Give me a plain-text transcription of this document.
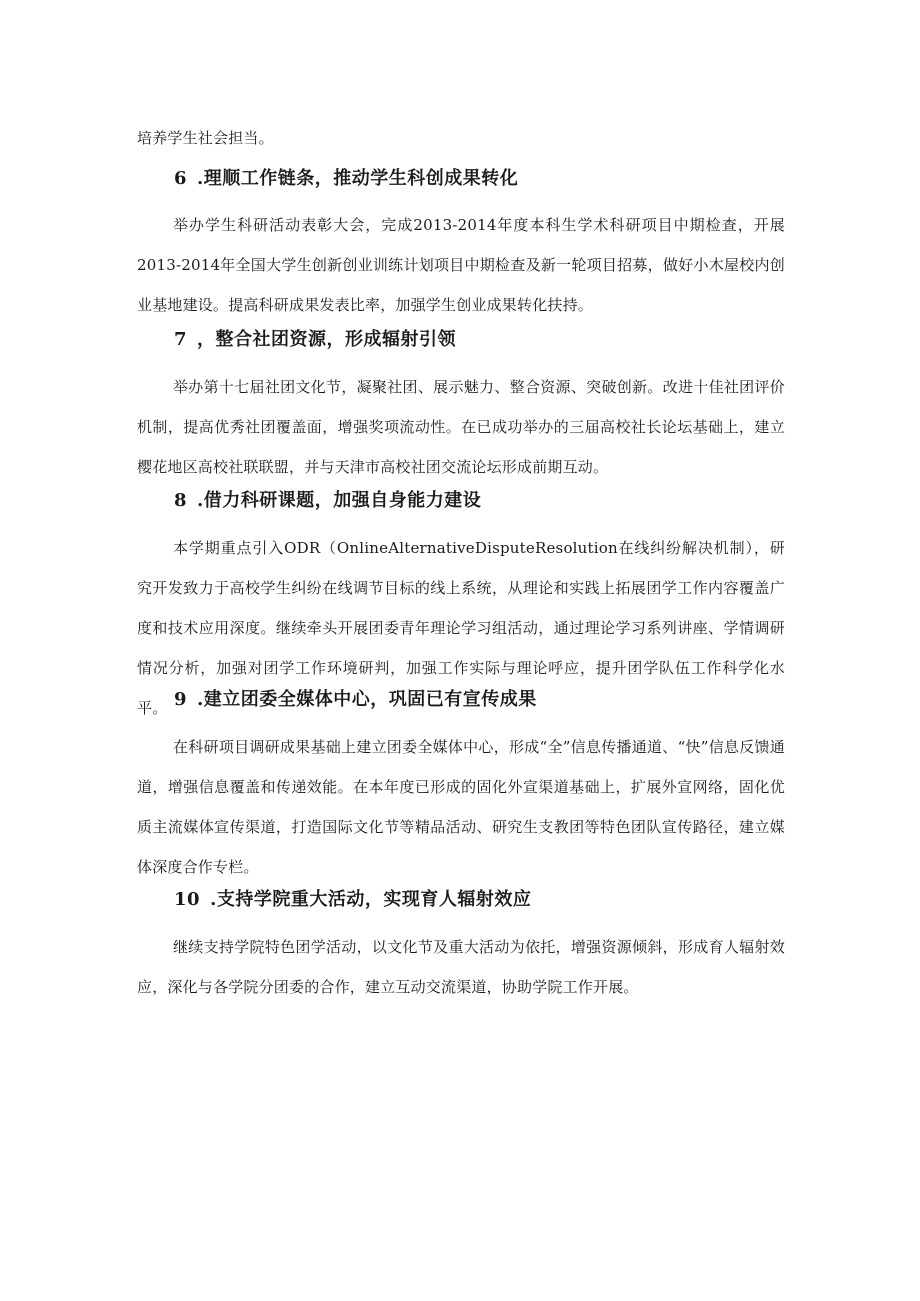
培养学生社会担当。

6 .理顺工作链条，推动学生科创成果转化

举办学生科研活动表彰大会，完成2013-2014年度本科生学术科研项目中期检查，开展2013-2014年全国大学生创新创业训练计划项目中期检查及新一轮项目招募，做好小木屋校内创业基地建设。提高科研成果发表比率，加强学生创业成果转化扶持。

7 ，整合社团资源，形成辐射引领

举办第十七届社团文化节，凝聚社团、展示魅力、整合资源、突破创新。改进十佳社团评价机制，提高优秀社团覆盖面，增强奖项流动性。在已成功举办的三届高校社长论坛基础上，建立樱花地区高校社联联盟，并与天津市高校社团交流论坛形成前期互动。

8 .借力科研课题，加强自身能力建设

本学期重点引入ODR（OnlineAlternativeDisputeResolution在线纠纷解决机制），研究开发致力于高校学生纠纷在线调节目标的线上系统，从理论和实践上拓展团学工作内容覆盖广度和技术应用深度。继续牵头开展团委青年理论学习组活动，通过理论学习系列讲座、学情调研情况分析，加强对团学工作环境研判，加强工作实际与理论呼应，提升团学队伍工作科学化水平。 9 .建立团委全媒体中心，巩固已有宣传成果

在科研项目调研成果基础上建立团委全媒体中心，形成“全”信息传播通道、“快”信息反馈通道，增强信息覆盖和传递效能。在本年度已形成的固化外宣渠道基础上，扩展外宣网络，固化优质主流媒体宣传渠道，打造国际文化节等精品活动、研究生支教团等特色团队宣传路径，建立媒体深度合作专栏。

10 .支持学院重大活动，实现育人辐射效应

继续支持学院特色团学活动，以文化节及重大活动为依托，增强资源倾斜，形成育人辐射效应，深化与各学院分团委的合作，建立互动交流渠道，协助学院工作开展。
